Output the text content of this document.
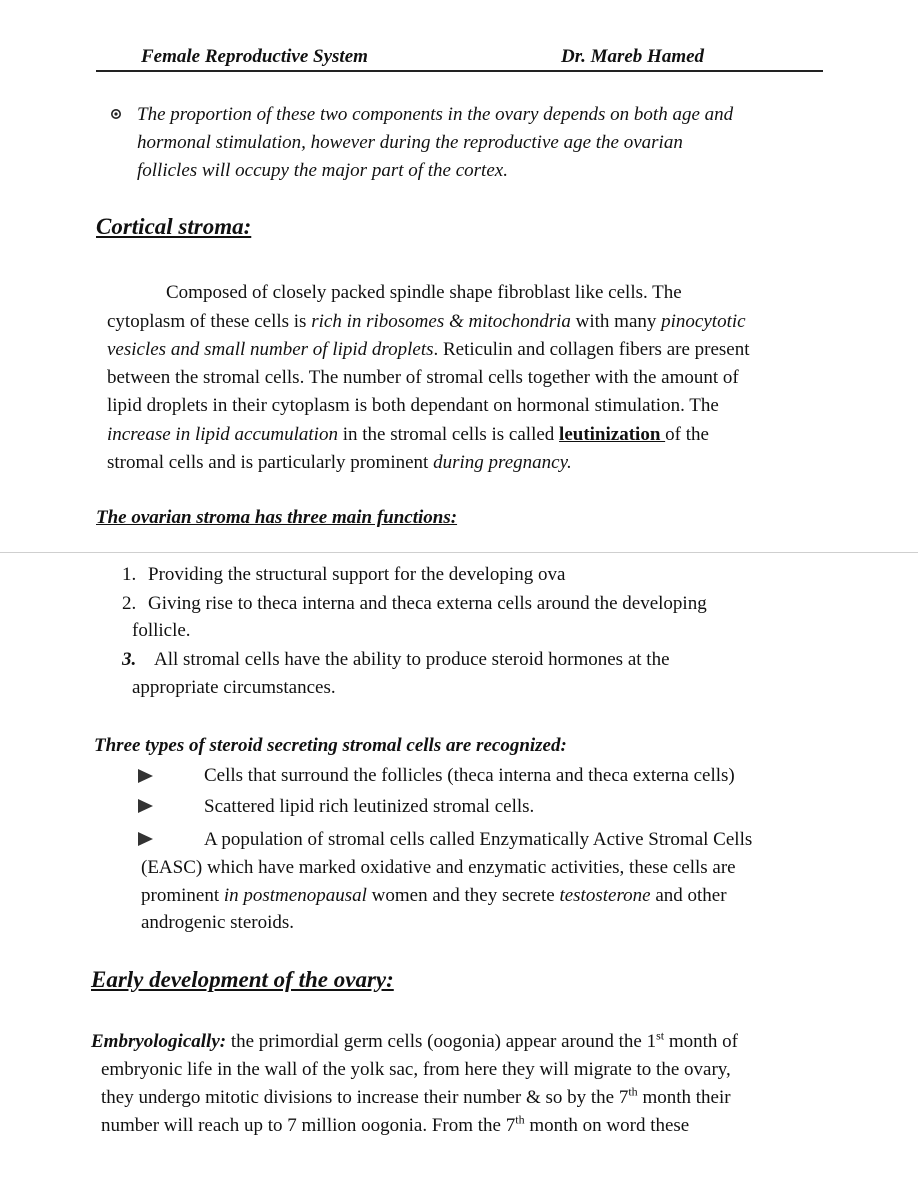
Female Reproductive System	Dr. Mareb Hamed
The proportion of these two components in the ovary depends on both age and
hormonal stimulation, however during the reproductive age the ovarian
follicles will occupy the major part of the cortex.
Cortical stroma:
Composed of closely packed spindle shape fibroblast like cells. The
cytoplasm of these cells is rich in ribosomes & mitochondria with many pinocytotic
vesicles and small number of lipid droplets. Reticulin and collagen fibers are present
between the stromal cells. The number of stromal cells together with the amount of
lipid droplets in their cytoplasm is both dependant on hormonal stimulation. The
increase in lipid accumulation in the stromal cells is called leutinization of the
stromal cells and is particularly prominent during pregnancy.
The ovarian stroma has three main functions:
1. Providing the structural support for the developing ova
2. Giving rise to theca interna and theca externa cells around the developing
follicle.
3. All stromal cells have the ability to produce steroid hormones at the
appropriate circumstances.
Three types of steroid secreting stromal cells are recognized:
Cells that surround the follicles (theca interna and theca externa cells)
Scattered lipid rich leutinized stromal cells.
A population of stromal cells called Enzymatically Active Stromal Cells
(EASC) which have marked oxidative and enzymatic activities, these cells are
prominent in postmenopausal women and they secrete testosterone and other
androgenic steroids.
Early development of the ovary:
Embryologically: the primordial germ cells (oogonia) appear around the 1st month of
embryonic life in the wall of the yolk sac, from here they will migrate to the ovary,
they undergo mitotic divisions to increase their number & so by the 7th month their
number will reach up to 7 million oogonia. From the 7th month on word these
